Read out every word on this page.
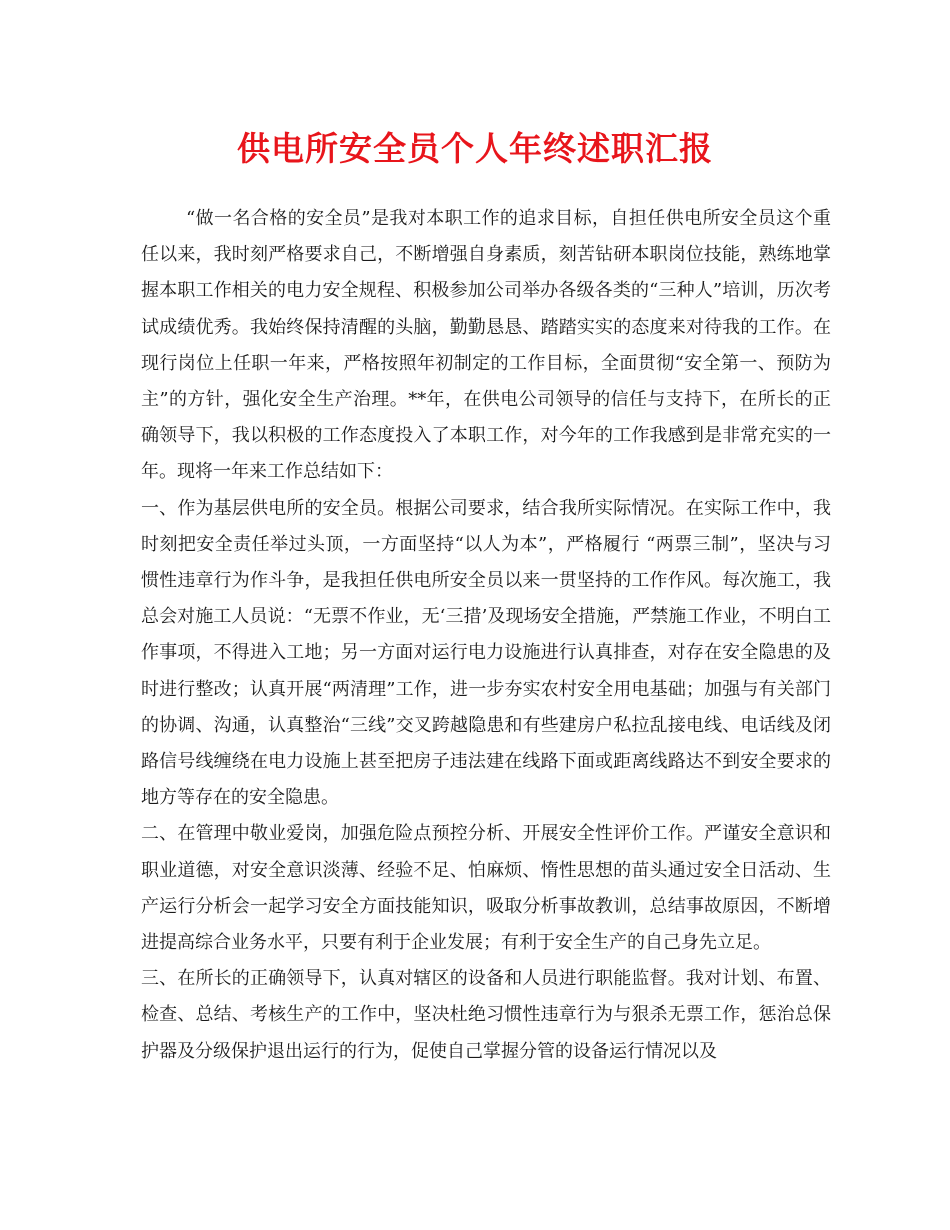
供电所安全员个人年终述职汇报

“做一名合格的安全员”是我对本职工作的追求目标，自担任供电所安全员这个重任以来，我时刻严格要求自己，不断增强自身素质，刻苦钻研本职岗位技能，熟练地掌握本职工作相关的电力安全规程、积极参加公司举办各级各类的“三种人”培训，历次考试成绩优秀。我始终保持清醒的头脑，勤勤恳恳、踏踏实实的态度来对待我的工作。在现行岗位上任职一年来，严格按照年初制定的工作目标，全面贯彻“安全第一、预防为主”的方针，强化安全生产治理。**年，在供电公司领导的信任与支持下，在所长的正确领导下，我以积极的工作态度投入了本职工作，对今年的工作我感到是非常充实的一年。现将一年来工作总结如下：

一、作为基层供电所的安全员。根据公司要求，结合我所实际情况。在实际工作中，我时刻把安全责任举过头顶，一方面坚持“以人为本”，严格履行 “两票三制”，坚决与习惯性违章行为作斗争，是我担任供电所安全员以来一贯坚持的工作作风。每次施工，我总会对施工人员说：“无票不作业，无‘三措’及现场安全措施，严禁施工作业，不明白工作事项，不得进入工地；另一方面对运行电力设施进行认真排查，对存在安全隐患的及时进行整改；认真开展“两清理”工作，进一步夯实农村安全用电基础；加强与有关部门的协调、沟通，认真整治“三线”交叉跨越隐患和有些建房户私拉乱接电线、电话线及闭路信号线缠绕在电力设施上甚至把房子违法建在线路下面或距离线路达不到安全要求的地方等存在的安全隐患。

二、在管理中敬业爱岗，加强危险点预控分析、开展安全性评价工作。严谨安全意识和职业道德，对安全意识淡薄、经验不足、怕麻烦、惰性思想的苗头通过安全日活动、生产运行分析会一起学习安全方面技能知识，吸取分析事故教训，总结事故原因，不断增进提高综合业务水平，只要有利于企业发展；有利于安全生产的自己身先立足。

三、在所长的正确领导下，认真对辖区的设备和人员进行职能监督。我对计划、布置、检查、总结、考核生产的工作中，坚决杜绝习惯性违章行为与狠杀无票工作，惩治总保护器及分级保护退出运行的行为，促使自己掌握分管的设备运行情况以及
